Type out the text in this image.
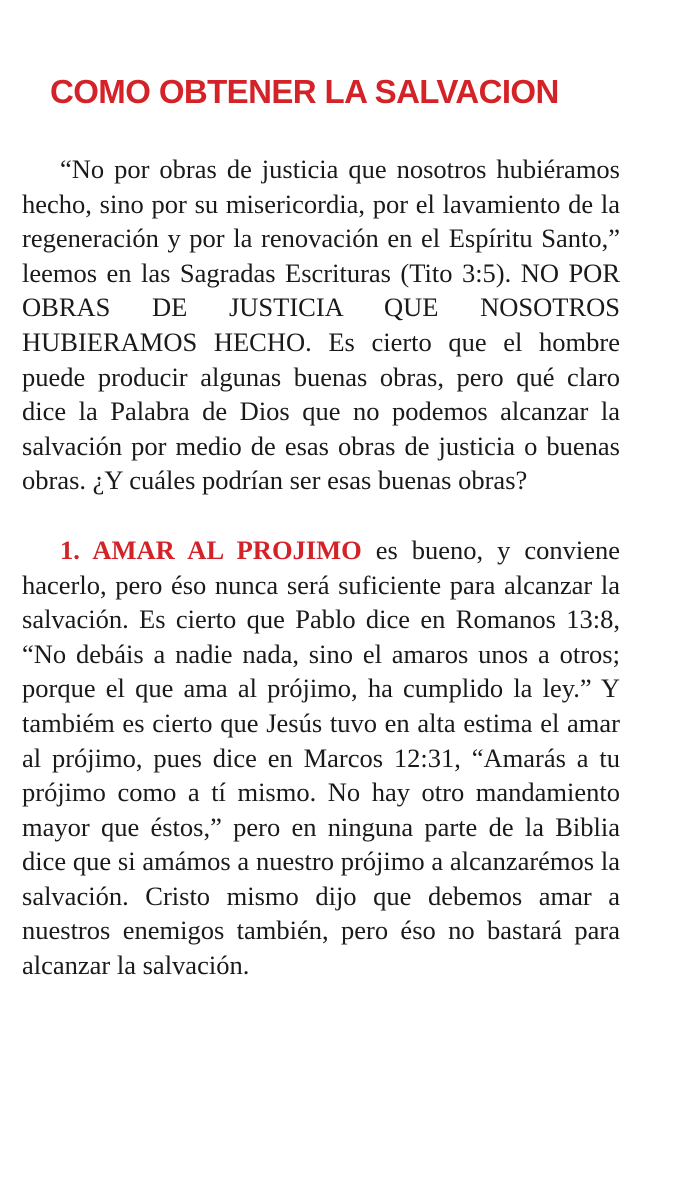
COMO OBTENER LA SALVACION

“No por obras de justicia que nosotros hubiéramos hecho, sino por su misericordia, por el lavamiento de la regeneración y por la renovación en el Espíritu Santo,” leemos en las Sagradas Escrituras (Tito 3:5). NO POR OBRAS DE JUSTICIA QUE NOSOTROS HUBIERAMOS HECHO. Es cierto que el hombre puede producir algunas buenas obras, pero qué claro dice la Palabra de Dios que no podemos alcanzar la salvación por medio de esas obras de justicia o buenas obras. ¿Y cuáles podrían ser esas buenas obras?

1. AMAR AL PROJIMO es bueno, y conviene hacerlo, pero éso nunca será suficiente para alcanzar la salvación. Es cierto que Pablo dice en Romanos 13:8, “No debáis a nadie nada, sino el amaros unos a otros; porque el que ama al prójimo, ha cumplido la ley.” Y tambiém es cierto que Jesús tuvo en alta estima el amar al prójimo, pues dice en Marcos 12:31, “Amarás a tu prójimo como a tí mismo. No hay otro mandamiento mayor que éstos,” pero en ninguna parte de la Biblia dice que si amámos a nuestro prójimo a alcanzarémos la salvación. Cristo mismo dijo que debemos amar a nuestros enemigos también, pero éso no bastará para alcanzar la salvación.
